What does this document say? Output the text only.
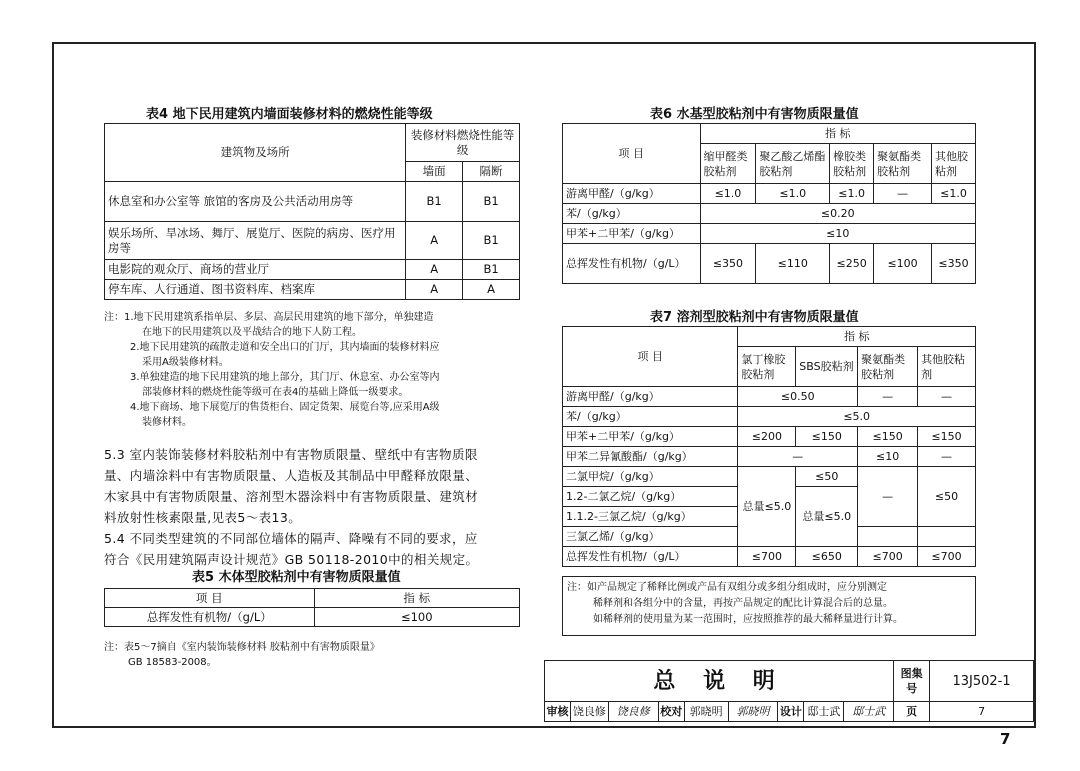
表4 地下民用建筑内墙面装修材料的燃烧性能等级
建筑物及场所	装修材料燃烧性能等级	
	墙面	隔断
休息室和办公室等 旅馆的客房及公共活动用房等	B1	B1
娱乐场所、旱冰场、舞厅、展览厅、医院的病房、医疗用房等	A	B1
电影院的观众厅、商场的营业厅	A	B1
停车库、人行通道、图书资料库、档案库	A	A
注：1.地下民用建筑系指单层、多层、高层民用建筑的地下部分，单独建造
在地下的民用建筑以及平战结合的地下人防工程。
2.地下民用建筑的疏散走道和安全出口的门厅，其内墙面的装修材料应
采用A级装修材料。
3.单独建造的地下民用建筑的地上部分，其门厅、休息室、办公室等内
部装修材料的燃烧性能等级可在表4的基础上降低一级要求。
4.地下商场、地下展览厅的售货柜台、固定货架、展览台等,应采用A级
装修材料。
5.3 室内装饰装修材料胶粘剂中有害物质限量、壁纸中有害物质限
量、内墙涂料中有害物质限量、人造板及其制品中甲醛释放限量、
木家具中有害物质限量、溶剂型木器涂料中有害物质限量、建筑材
料放射性核素限量,见表5～表13。
5.4 不同类型建筑的不同部位墙体的隔声、降噪有不同的要求，应
符合《民用建筑隔声设计规范》GB 50118-2010中的相关规定。
表5 木体型胶粘剂中有害物质限量值
项 目	指 标
总挥发性有机物/（g/L）	≤100
注：表5～7摘自《室内装饰装修材料 胶粘剂中有害物质限量》
GB 18583-2008。
表6 水基型胶粘剂中有害物质限量值
项 目	指 标				
	缩甲醛类胶粘剂	聚乙酸乙烯酯胶粘剂	橡胶类胶粘剂	聚氨酯类胶粘剂	其他胶粘剂
游离甲醛/（g/kg）	≤1.0	≤1.0	≤1.0	—	≤1.0
苯/（g/kg）	≤0.20				
甲苯+二甲苯/（g/kg）	≤10				
总挥发性有机物/（g/L）	≤350	≤110	≤250	≤100	≤350
表7 溶剂型胶粘剂中有害物质限量值
项 目	指 标			
	氯丁橡胶胶粘剂	SBS胶粘剂	聚氨酯类胶粘剂	其他胶粘剂
游离甲醛/（g/kg）	≤0.50		—	—
苯/（g/kg）	≤5.0			
甲苯+二甲苯/（g/kg）	≤200	≤150	≤150	≤150
甲苯二异氰酸酯/（g/kg）	—		≤10	—
二氯甲烷/（g/kg）	总量≤5.0	≤50	—	≤50
1.2-二氯乙烷/（g/kg）		总量≤5.0		
1.1.2-三氯乙烷/（g/kg）				
三氯乙烯/（g/kg）				
总挥发性有机物/（g/L）	≤700	≤650	≤700	≤700
注：如产品规定了稀释比例或产品有双组分或多组分组成时，应分别测定
稀释剂和各组分中的含量，再按产品规定的配比计算混合后的总量。
如稀释剂的使用量为某一范围时，应按照推荐的最大稀释量进行计算。
总 说 明									图集号	13J502-1
审核	饶良修	饶良修	校对	郭晓明	郭晓明	设计	邸士武	邸士武	页	7
7
